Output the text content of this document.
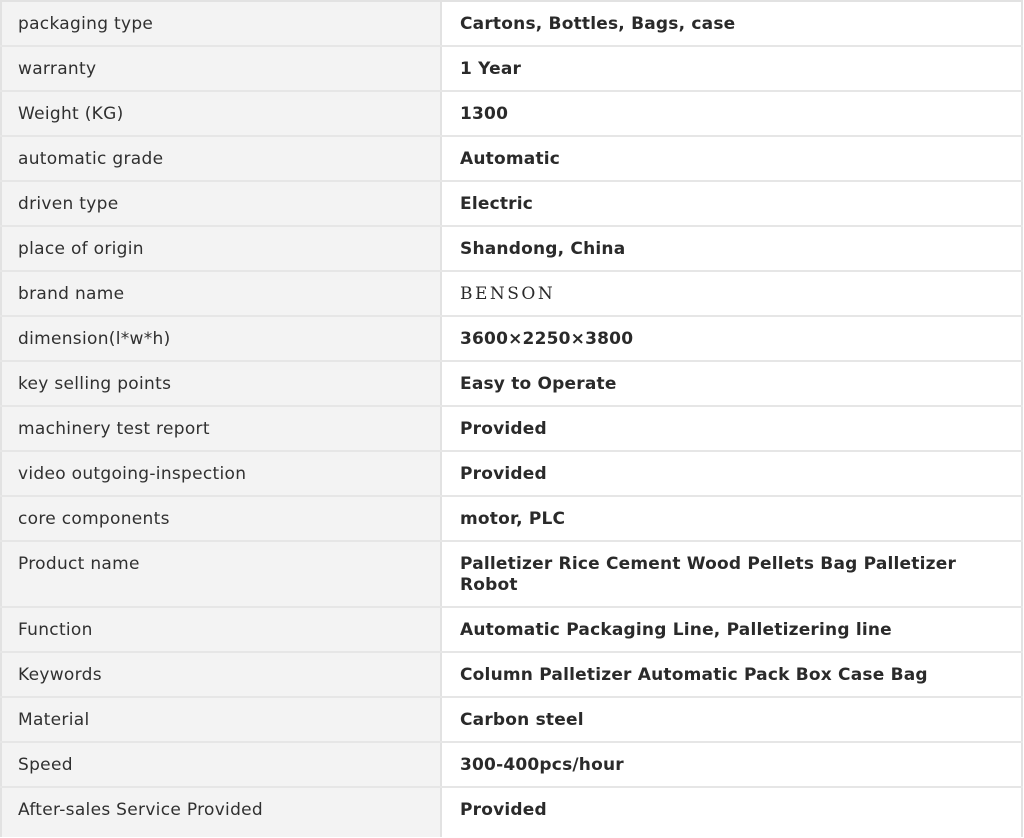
packaging type	Cartons, Bottles, Bags, case
warranty	1 Year
Weight (KG)	1300
automatic grade	Automatic
driven type	Electric
place of origin	Shandong, China
brand name	BENSON
dimension(l*w*h)	3600×2250×3800
key selling points	Easy to Operate
machinery test report	Provided
video outgoing-inspection	Provided
core components	motor, PLC
Product name	Palletizer Rice Cement Wood Pellets Bag Palletizer Robot
Function	Automatic Packaging Line, Palletizering line
Keywords	Column Palletizer Automatic Pack Box Case Bag
Material	Carbon steel
Speed	300-400pcs/hour
After-sales Service Provided	Provided
